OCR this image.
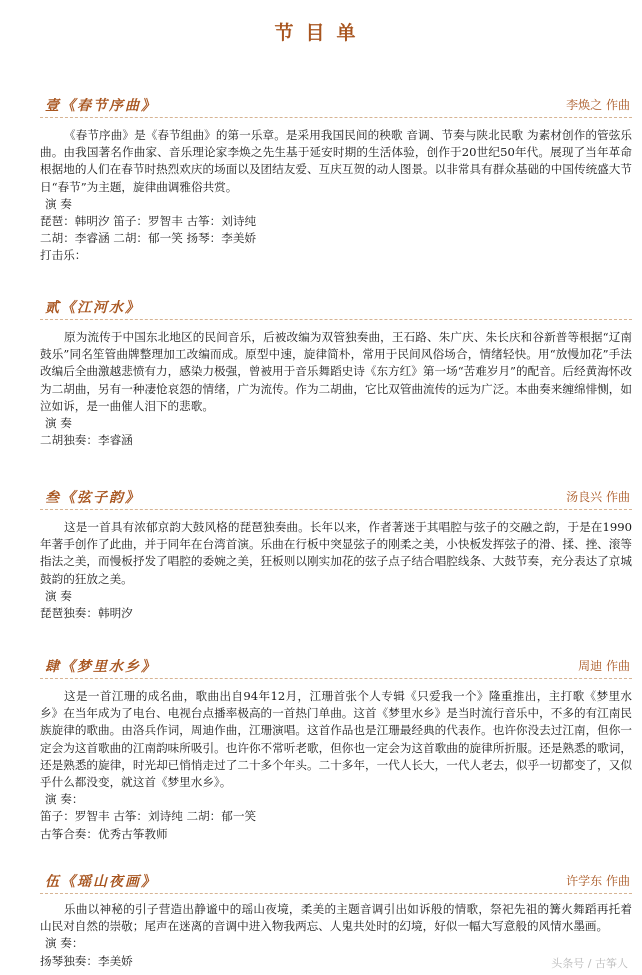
节目单
壹《春节序曲》	李焕之 作曲

《春节序曲》是《春节组曲》的第一乐章。是采用我国民间的秧歌 音调、节奏与陕北民歌 为素材创作的管弦乐曲。由我国著名作曲家、音乐理论家李焕之先生基于延安时期的生活体验，创作于20世纪50年代。展现了当年革命根据地的人们在春节时热烈欢庆的场面以及团结友爱、互庆互贺的动人图景。以非常具有群众基础的中国传统盛大节日“春节”为主题，旋律曲调雅俗共赏。

演 奏

琵琶：韩明汐 笛子：罗智丰 古筝：刘诗纯

二胡：李睿涵 二胡：郁一笑 扬琴：李美娇

打击乐：

贰《江河水》

原为流传于中国东北地区的民间音乐，后被改编为双管独奏曲，王石路、朱广庆、朱长庆和谷新普等根据“辽南鼓乐”同名笙管曲牌整理加工改编而成。原型中速，旋律简朴，常用于民间风俗场合，情绪轻快。用“放慢加花”手法改编后全曲激越悲愤有力，感染力极强，曾被用于音乐舞蹈史诗《东方红》第一场“苦难岁月”的配音。后经黄海怀改为二胡曲，另有一种凄怆哀怨的情绪，广为流传。作为二胡曲，它比双管曲流传的远为广泛。本曲奏来缠绵悱恻，如泣如诉，是一曲催人泪下的悲歌。

演 奏

二胡独奏：李睿涵

叁《弦子韵》	汤良兴 作曲

这是一首具有浓郁京韵大鼓风格的琵琶独奏曲。长年以来，作者著迷于其唱腔与弦子的交融之韵，于是在1990年著手创作了此曲，并于同年在台湾首演。乐曲在行板中突显弦子的刚柔之美，小快板发挥弦子的滑、揉、挫、滚等指法之美，而慢板抒发了唱腔的委婉之美，狂板则以刚实加花的弦子点子结合唱腔线条、大鼓节奏，充分表达了京城鼓韵的狂放之美。

演 奏

琵琶独奏：韩明汐

肆《梦里水乡》	周迪 作曲

这是一首江珊的成名曲，歌曲出自94年12月，江珊首张个人专辑《只爱我一个》隆重推出，主打歌《梦里水乡》在当年成为了电台、电视台点播率极高的一首热门单曲。这首《梦里水乡》是当时流行音乐中，不多的有江南民族旋律的歌曲。由洛兵作词，周迪作曲，江珊演唱。这首作品也是江珊最经典的代表作。也许你没去过江南，但你一定会为这首歌曲的江南韵味所吸引。也许你不常听老歌，但你也一定会为这首歌曲的旋律所折服。还是熟悉的歌词，还是熟悉的旋律，时光却已悄悄走过了二十多个年头。二十多年，一代人长大，一代人老去，似乎一切都变了，又似乎什么都没变，就这首《梦里水乡》。

演 奏：

笛子：罗智丰 古筝：刘诗纯 二胡：郁一笑

古筝合奏：优秀古筝教师

伍《瑶山夜画》	许学东 作曲

乐曲以神秘的引子营造出静谧中的瑶山夜境，柔美的主题音调引出如诉般的情歌，祭祀先祖的篝火舞蹈再托着山民对自然的崇敬；尾声在迷离的音调中进入物我两忘、人鬼共处时的幻境，好似一幅大写意般的风情水墨画。

演 奏：

扬琴独奏：李美娇	头条号 / 古筝人
